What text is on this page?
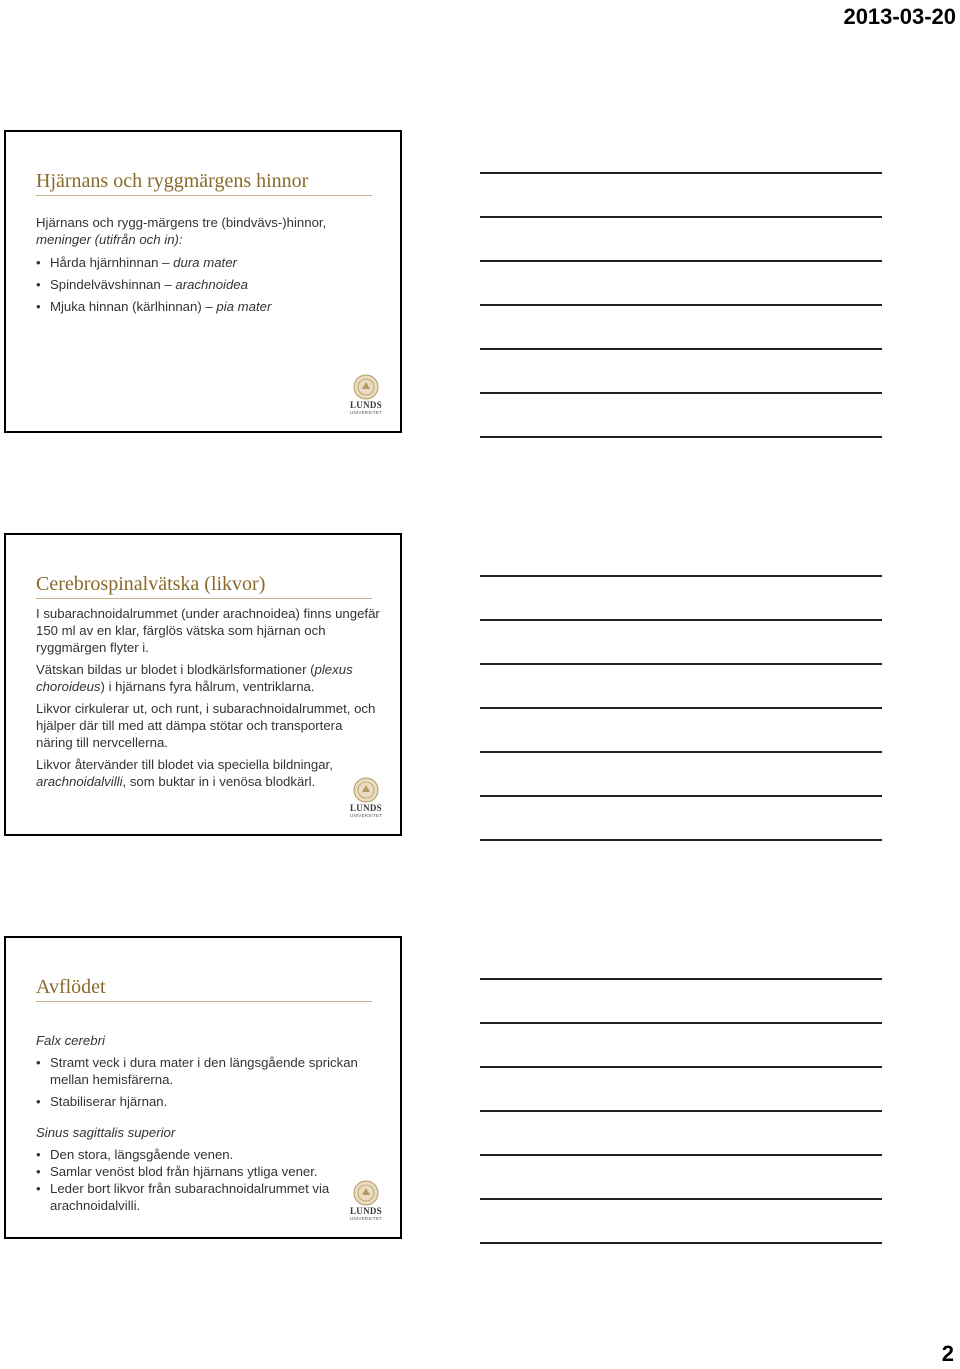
2013-03-20
Hjärnans och ryggmärgens hinnor

Hjärnans och rygg-märgens tre (bindvävs-)hinnor,

meninger (utifrån och in):

• Hårda hjärnhinnan – dura mater
• Spindelvävshinnan – arachnoidea
• Mjuka hinnan (kärlhinnan) – pia mater
LUNDS
UNIVERSITET
Cerebrospinalvätska (likvor)

I subarachnoidalrummet (under arachnoidea) finns ungefär 150 ml av en klar, färglös vätska som hjärnan och ryggmärgen flyter i.

Vätskan bildas ur blodet i blodkärlsformationer (plexus choroideus) i hjärnans fyra hålrum, ventriklarna.

Likvor cirkulerar ut, och runt, i subarachnoidalrummet, och hjälper där till med att dämpa stötar och transportera näring till nervcellerna.

Likvor återvänder till blodet via speciella bildningar, arachnoidalvilli, som buktar in i venösa blodkärl.

LUNDS
UNIVERSITET
Avflödet

Falx cerebri

• Stramt veck i dura mater i den längsgående sprickan mellan hemisfärerna.
• Stabiliserar hjärnan.

Sinus sagittalis superior

• Den stora, längsgående venen.
• Samlar venöst blod från hjärnans ytliga vener.
• Leder bort likvor från subarachnoidalrummet via arachnoidalvilli.	LUNDS
UNIVERSITET
2
